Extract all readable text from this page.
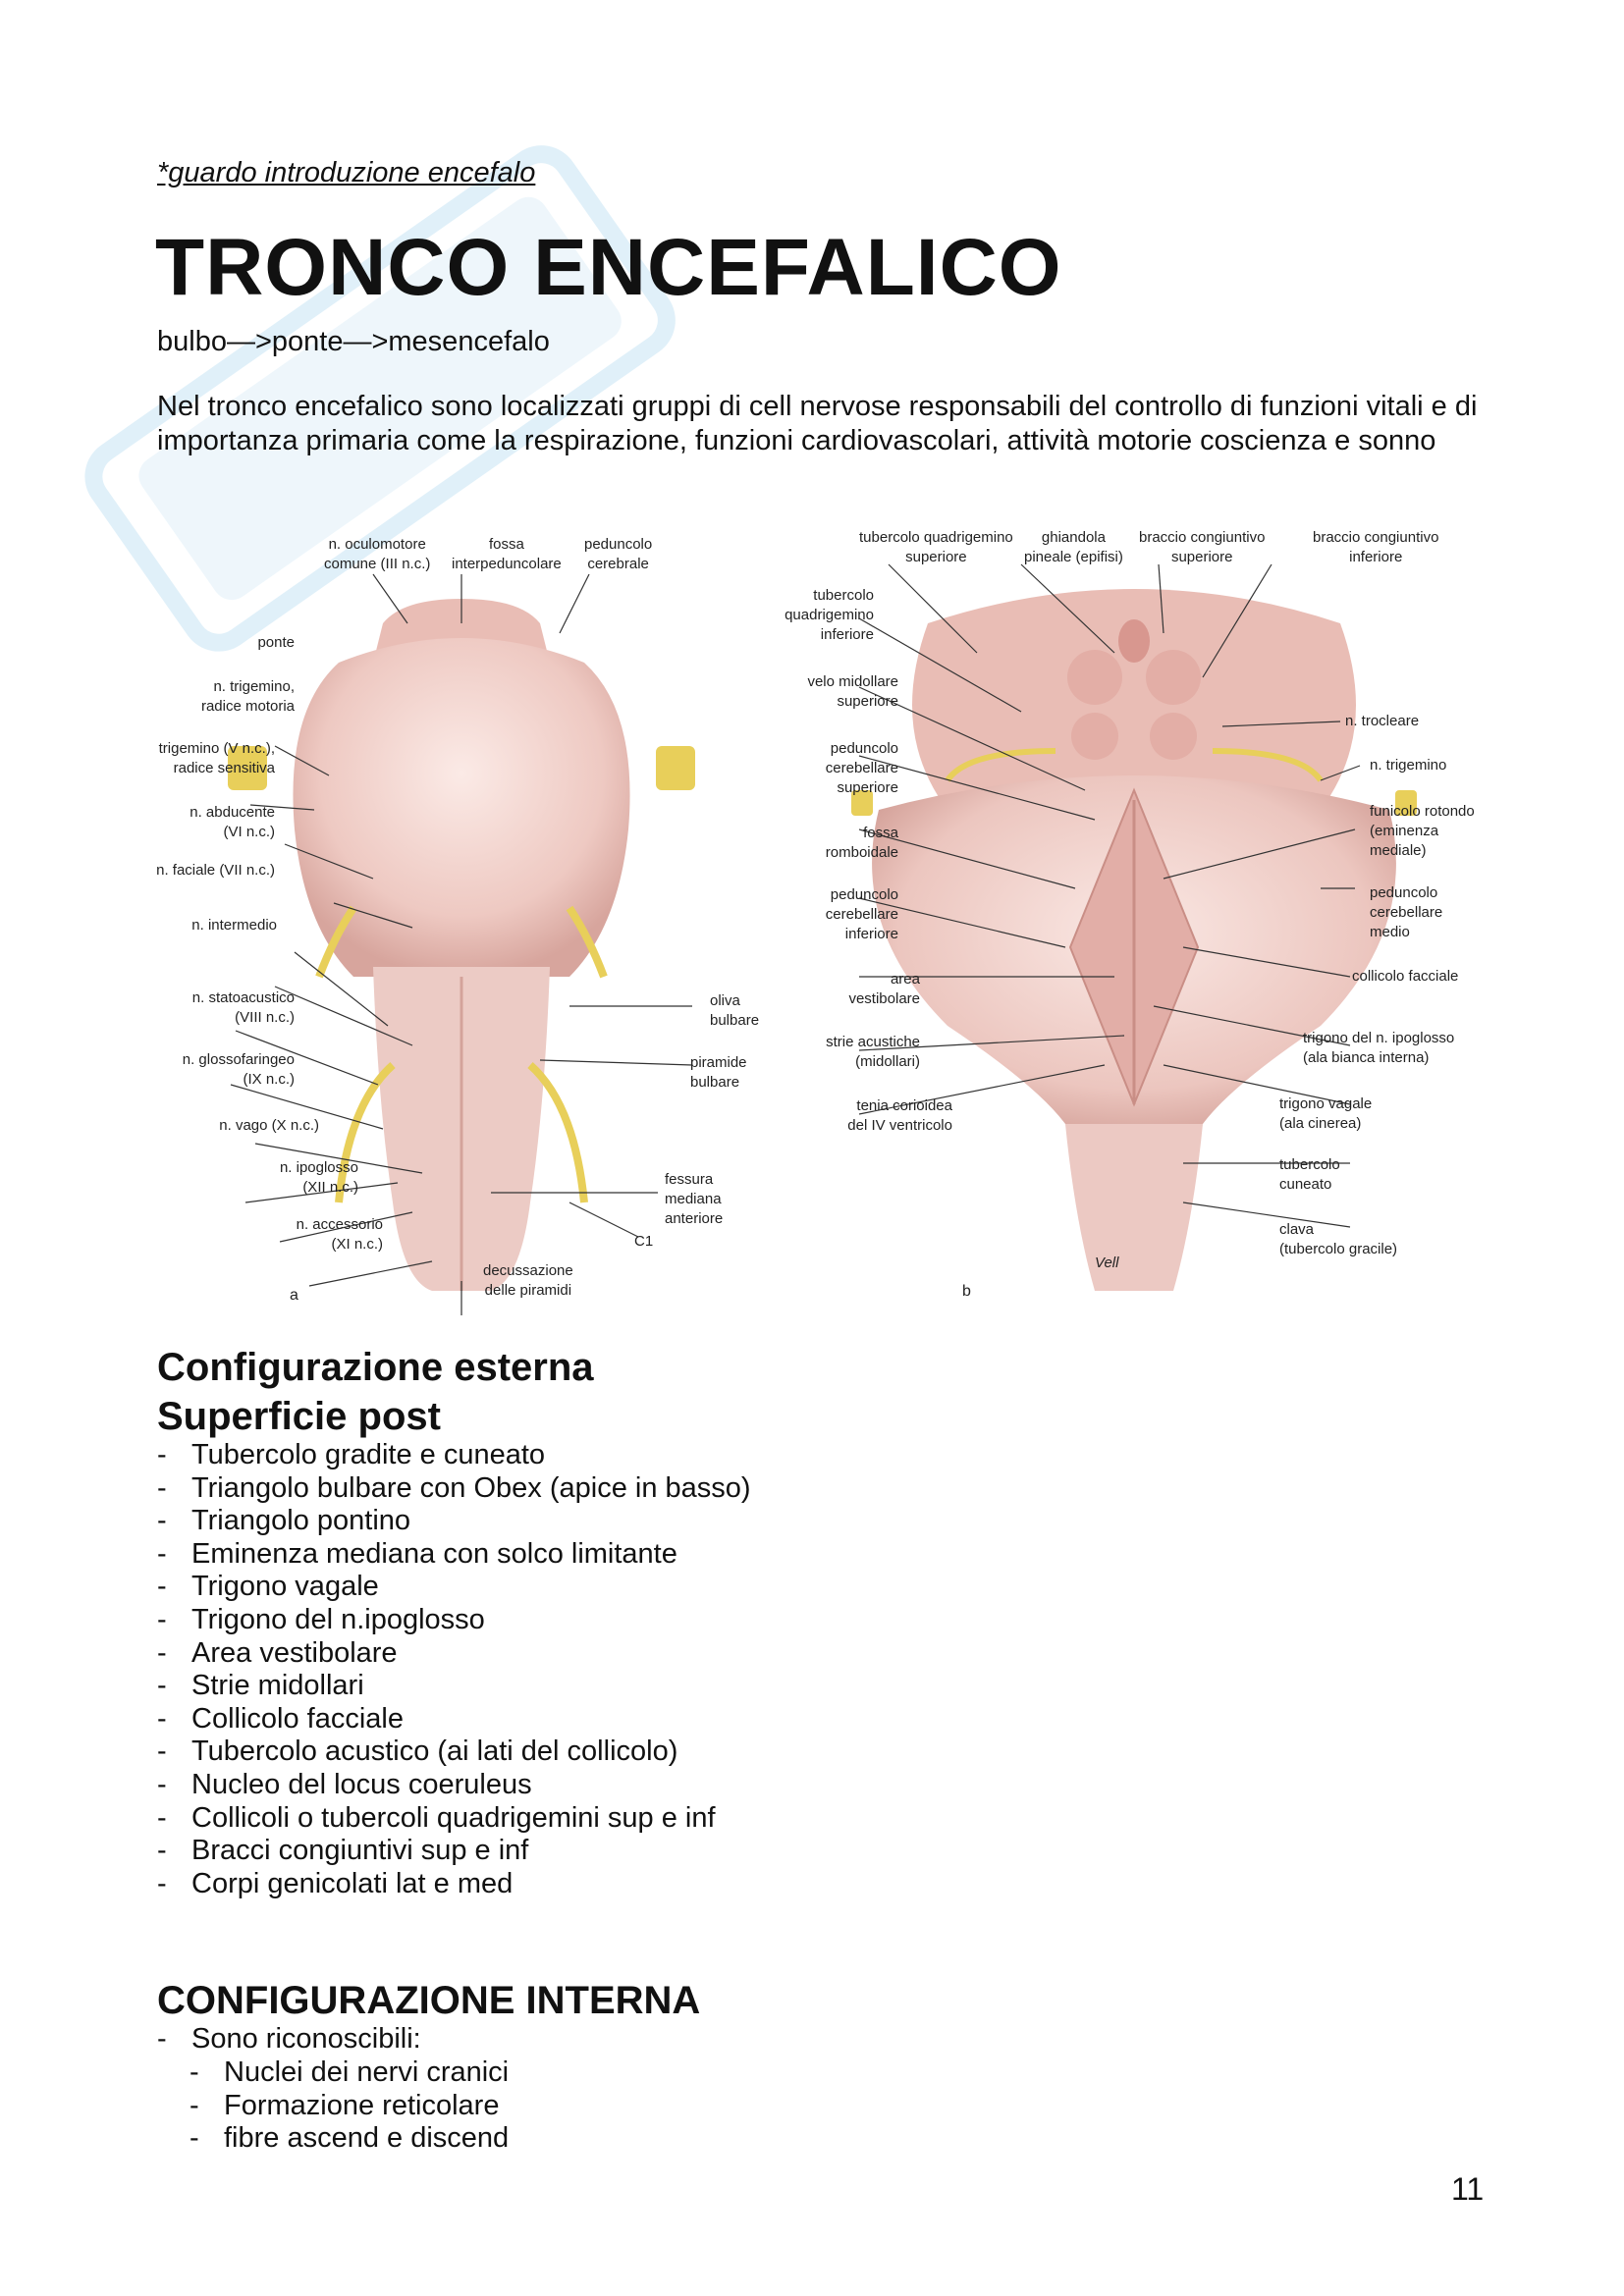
*guardo introduzione encefalo
TRONCO ENCEFALICO
bulbo—>ponte—>mesencefalo

Nel tronco encefalico sono localizzati gruppi di cell nervose responsabili del controllo di funzioni vitali e di importanza primaria come la respirazione, funzioni cardiovascolari, attività motorie coscienza e sonno

n. oculomotore
comune (III n.c.)
fossa
interpeduncolare
peduncolo
cerebrale
ponte
n. trigemino,
radice motoria
trigemino (V n.c.),
radice sensitiva
n. abducente
(VI n.c.)
n. faciale (VII n.c.)
n. intermedio
n. statoacustico
(VIII n.c.)
n. glossofaringeo
(IX n.c.)
n. vago (X n.c.)
n. ipoglosso
(XII n.c.)
n. accessorio
(XI n.c.)
decussazione
delle piramidi
oliva
bulbare
piramide
bulbare
fessura
mediana
anteriore
C1
a
tubercolo quadrigemino
superiore
ghiandola
pineale (epifisi)
braccio congiuntivo
superiore
braccio congiuntivo
inferiore
tubercolo
quadrigemino
inferiore
velo midollare
superiore
peduncolo
cerebellare
superiore
fossa
romboidale
peduncolo
cerebellare
inferiore
area
vestibolare
strie acustiche
(midollari)
tenia corioidea
del IV ventricolo
n. trocleare
n. trigemino
funicolo rotondo
(eminenza
mediale)
peduncolo
cerebellare
medio
collicolo facciale
trigono del n. ipoglosso
(ala bianca interna)
trigono vagale
(ala cinerea)
tubercolo
cuneato
clava
(tubercolo gracile)
Vell
b
Configurazione esterna
Superficie post
- Tubercolo gradite e cuneato
- Triangolo bulbare con Obex (apice in basso)
- Triangolo pontino
- Eminenza mediana con solco limitante
- Trigono vagale
- Trigono del n.ipoglosso
- Area vestibolare
- Strie midollari
- Collicolo facciale
- Tubercolo acustico (ai lati del collicolo)
- Nucleo del locus coeruleus
- Collicoli o tubercoli quadrigemini sup e inf
- Bracci congiuntivi sup e inf
- Corpi genicolati lat e med
CONFIGURAZIONE INTERNA
- Sono riconoscibili:
- Nuclei dei nervi cranici
- Formazione reticolare
- fibre ascend e discend
11
